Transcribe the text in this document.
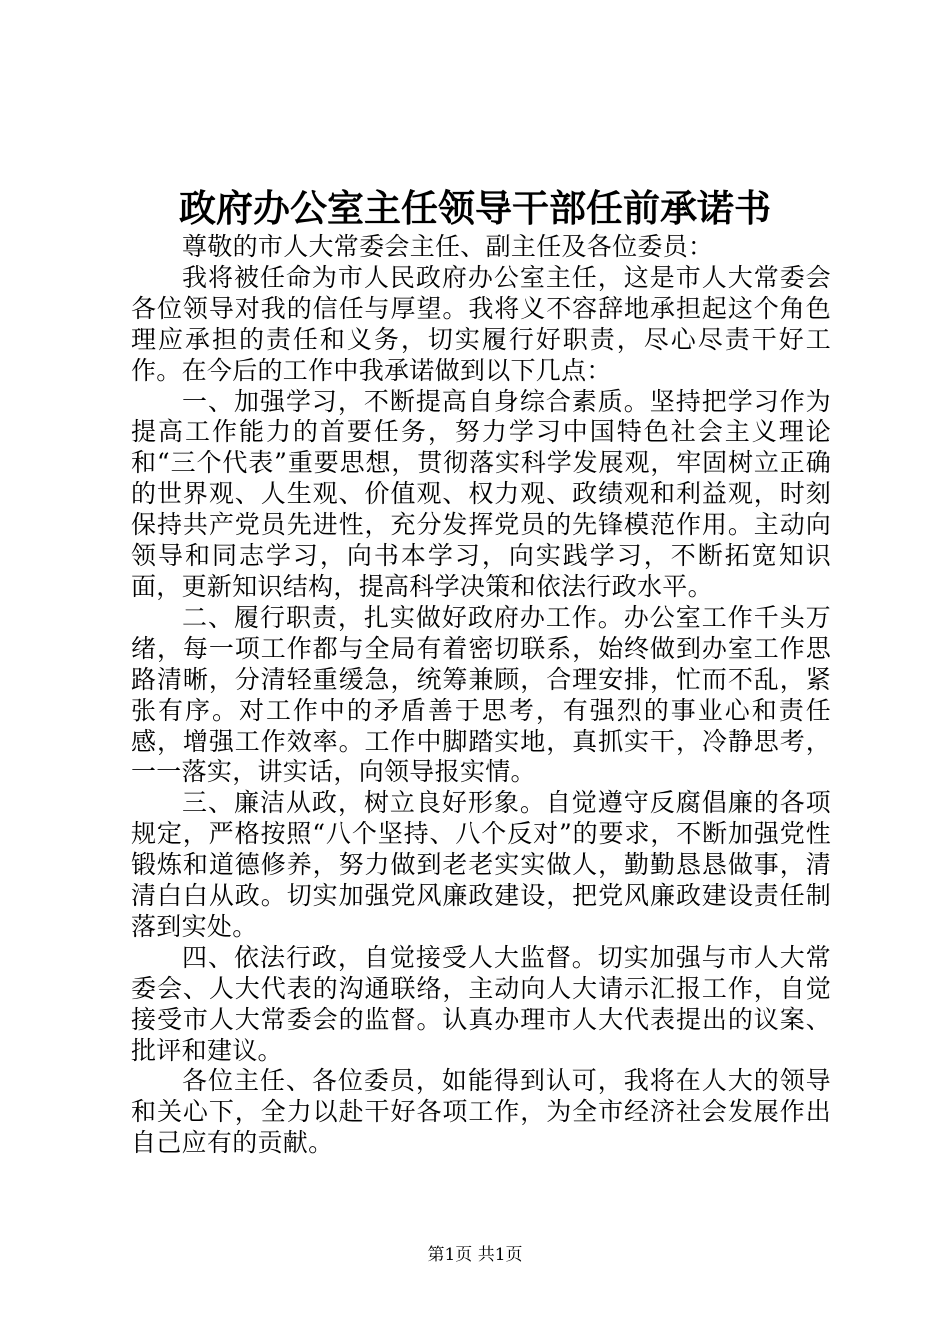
政府办公室主任领导干部任前承诺书

尊敬的市人大常委会主任、副主任及各位委员：

我将被任命为市人民政府办公室主任，这是市人大常委会各位领导对我的信任与厚望。我将义不容辞地承担起这个角色理应承担的责任和义务，切实履行好职责，尽心尽责干好工作。在今后的工作中我承诺做到以下几点：

一、加强学习，不断提高自身综合素质。坚持把学习作为提高工作能力的首要任务，努力学习中国特色社会主义理论和“三个代表”重要思想，贯彻落实科学发展观，牢固树立正确的世界观、人生观、价值观、权力观、政绩观和利益观，时刻保持共产党员先进性，充分发挥党员的先锋模范作用。主动向领导和同志学习，向书本学习，向实践学习，不断拓宽知识面，更新知识结构，提高科学决策和依法行政水平。

二、履行职责，扎实做好政府办工作。办公室工作千头万绪，每一项工作都与全局有着密切联系，始终做到办室工作思路清晰，分清轻重缓急，统筹兼顾，合理安排，忙而不乱，紧张有序。对工作中的矛盾善于思考，有强烈的事业心和责任感，增强工作效率。工作中脚踏实地，真抓实干，冷静思考，一一落实，讲实话，向领导报实情。

三、廉洁从政，树立良好形象。自觉遵守反腐倡廉的各项规定，严格按照“八个坚持、八个反对”的要求，不断加强党性锻炼和道德修养，努力做到老老实实做人，勤勤恳恳做事，清清白白从政。切实加强党风廉政建设，把党风廉政建设责任制落到实处。

四、依法行政，自觉接受人大监督。切实加强与市人大常委会、人大代表的沟通联络，主动向人大请示汇报工作，自觉接受市人大常委会的监督。认真办理市人大代表提出的议案、批评和建议。

各位主任、各位委员，如能得到认可，我将在人大的领导和关心下，全力以赴干好各项工作，为全市经济社会发展作出自己应有的贡献。

第1页 共1页
